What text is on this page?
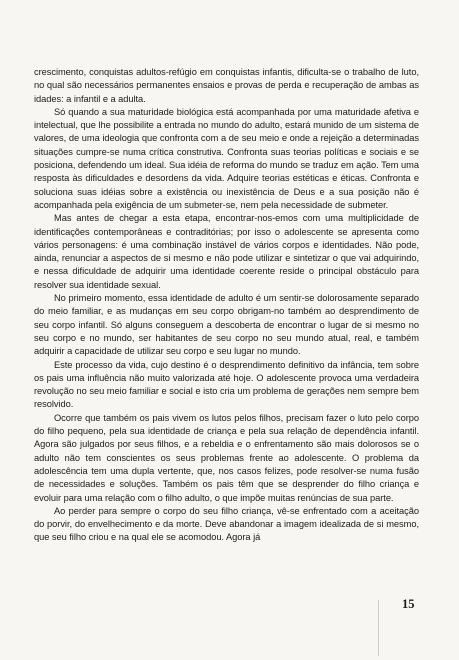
crescimento, conquistas adultos-refúgio em conquistas infantis, dificulta-se o trabalho de luto, no qual são necessários permanentes ensaios e provas de perda e recuperação de ambas as idades: a infantil e a adulta.

Só quando a sua maturidade biológica está acompanhada por uma maturidade afetiva e intelectual, que lhe possibilite a entrada no mundo do adulto, estará munido de um sistema de valores, de uma ideologia que confronta com a de seu meio e onde a rejeição a determinadas situações cumpre-se numa crítica construtiva. Confronta suas teorias políticas e sociais e se posiciona, defendendo um ideal. Sua idéia de reforma do mundo se traduz em ação. Tem uma resposta às dificuldades e desordens da vida. Adquire teorias estéticas e éticas. Confronta e soluciona suas idéias sobre a existência ou inexistência de Deus e a sua posição não é acompanhada pela exigência de um submeter-se, nem pela necessidade de submeter.

Mas antes de chegar a esta etapa, encontrar-nos-emos com uma multiplicidade de identificações contemporâneas e contraditórias; por isso o adolescente se apresenta como vários personagens: é uma combinação instável de vários corpos e identidades. Não pode, ainda, renunciar a aspectos de si mesmo e não pode utilizar e sintetizar o que vai adquirindo, e nessa dificuldade de adquirir uma identidade coerente reside o principal obstáculo para resolver sua identidade sexual.

No primeiro momento, essa identidade de adulto é um sentir-se dolorosamente separado do meio familiar, e as mudanças em seu corpo obrigam-no também ao desprendimento de seu corpo infantil. Só alguns conseguem a descoberta de encontrar o lugar de si mesmo no seu corpo e no mundo, ser habitantes de seu corpo no seu mundo atual, real, e também adquirir a capacidade de utilizar seu corpo e seu lugar no mundo.

Este processo da vida, cujo destino é o desprendimento definitivo da infância, tem sobre os pais uma influência não muito valorizada até hoje. O adolescente provoca uma verdadeira revolução no seu meio familiar e social e isto cria um problema de gerações nem sempre bem resolvido.

Ocorre que também os pais vivem os lutos pelos filhos, precisam fazer o luto pelo corpo do filho pequeno, pela sua identidade de criança e pela sua relação de dependência infantil. Agora são julgados por seus filhos, e a rebeldia e o enfrentamento são mais dolorosos se o adulto não tem conscientes os seus problemas frente ao adolescente. O problema da adolescência tem uma dupla vertente, que, nos casos felizes, pode resolver-se numa fusão de necessidades e soluções. Também os pais têm que se desprender do filho criança e evoluir para uma relação com o filho adulto, o que impõe muitas renúncias de sua parte.

Ao perder para sempre o corpo do seu filho criança, vê-se enfrentado com a aceitação do porvir, do envelhecimento e da morte. Deve abandonar a imagem idealizada de si mesmo, que seu filho criou e na qual ele se acomodou. Agora já

15
